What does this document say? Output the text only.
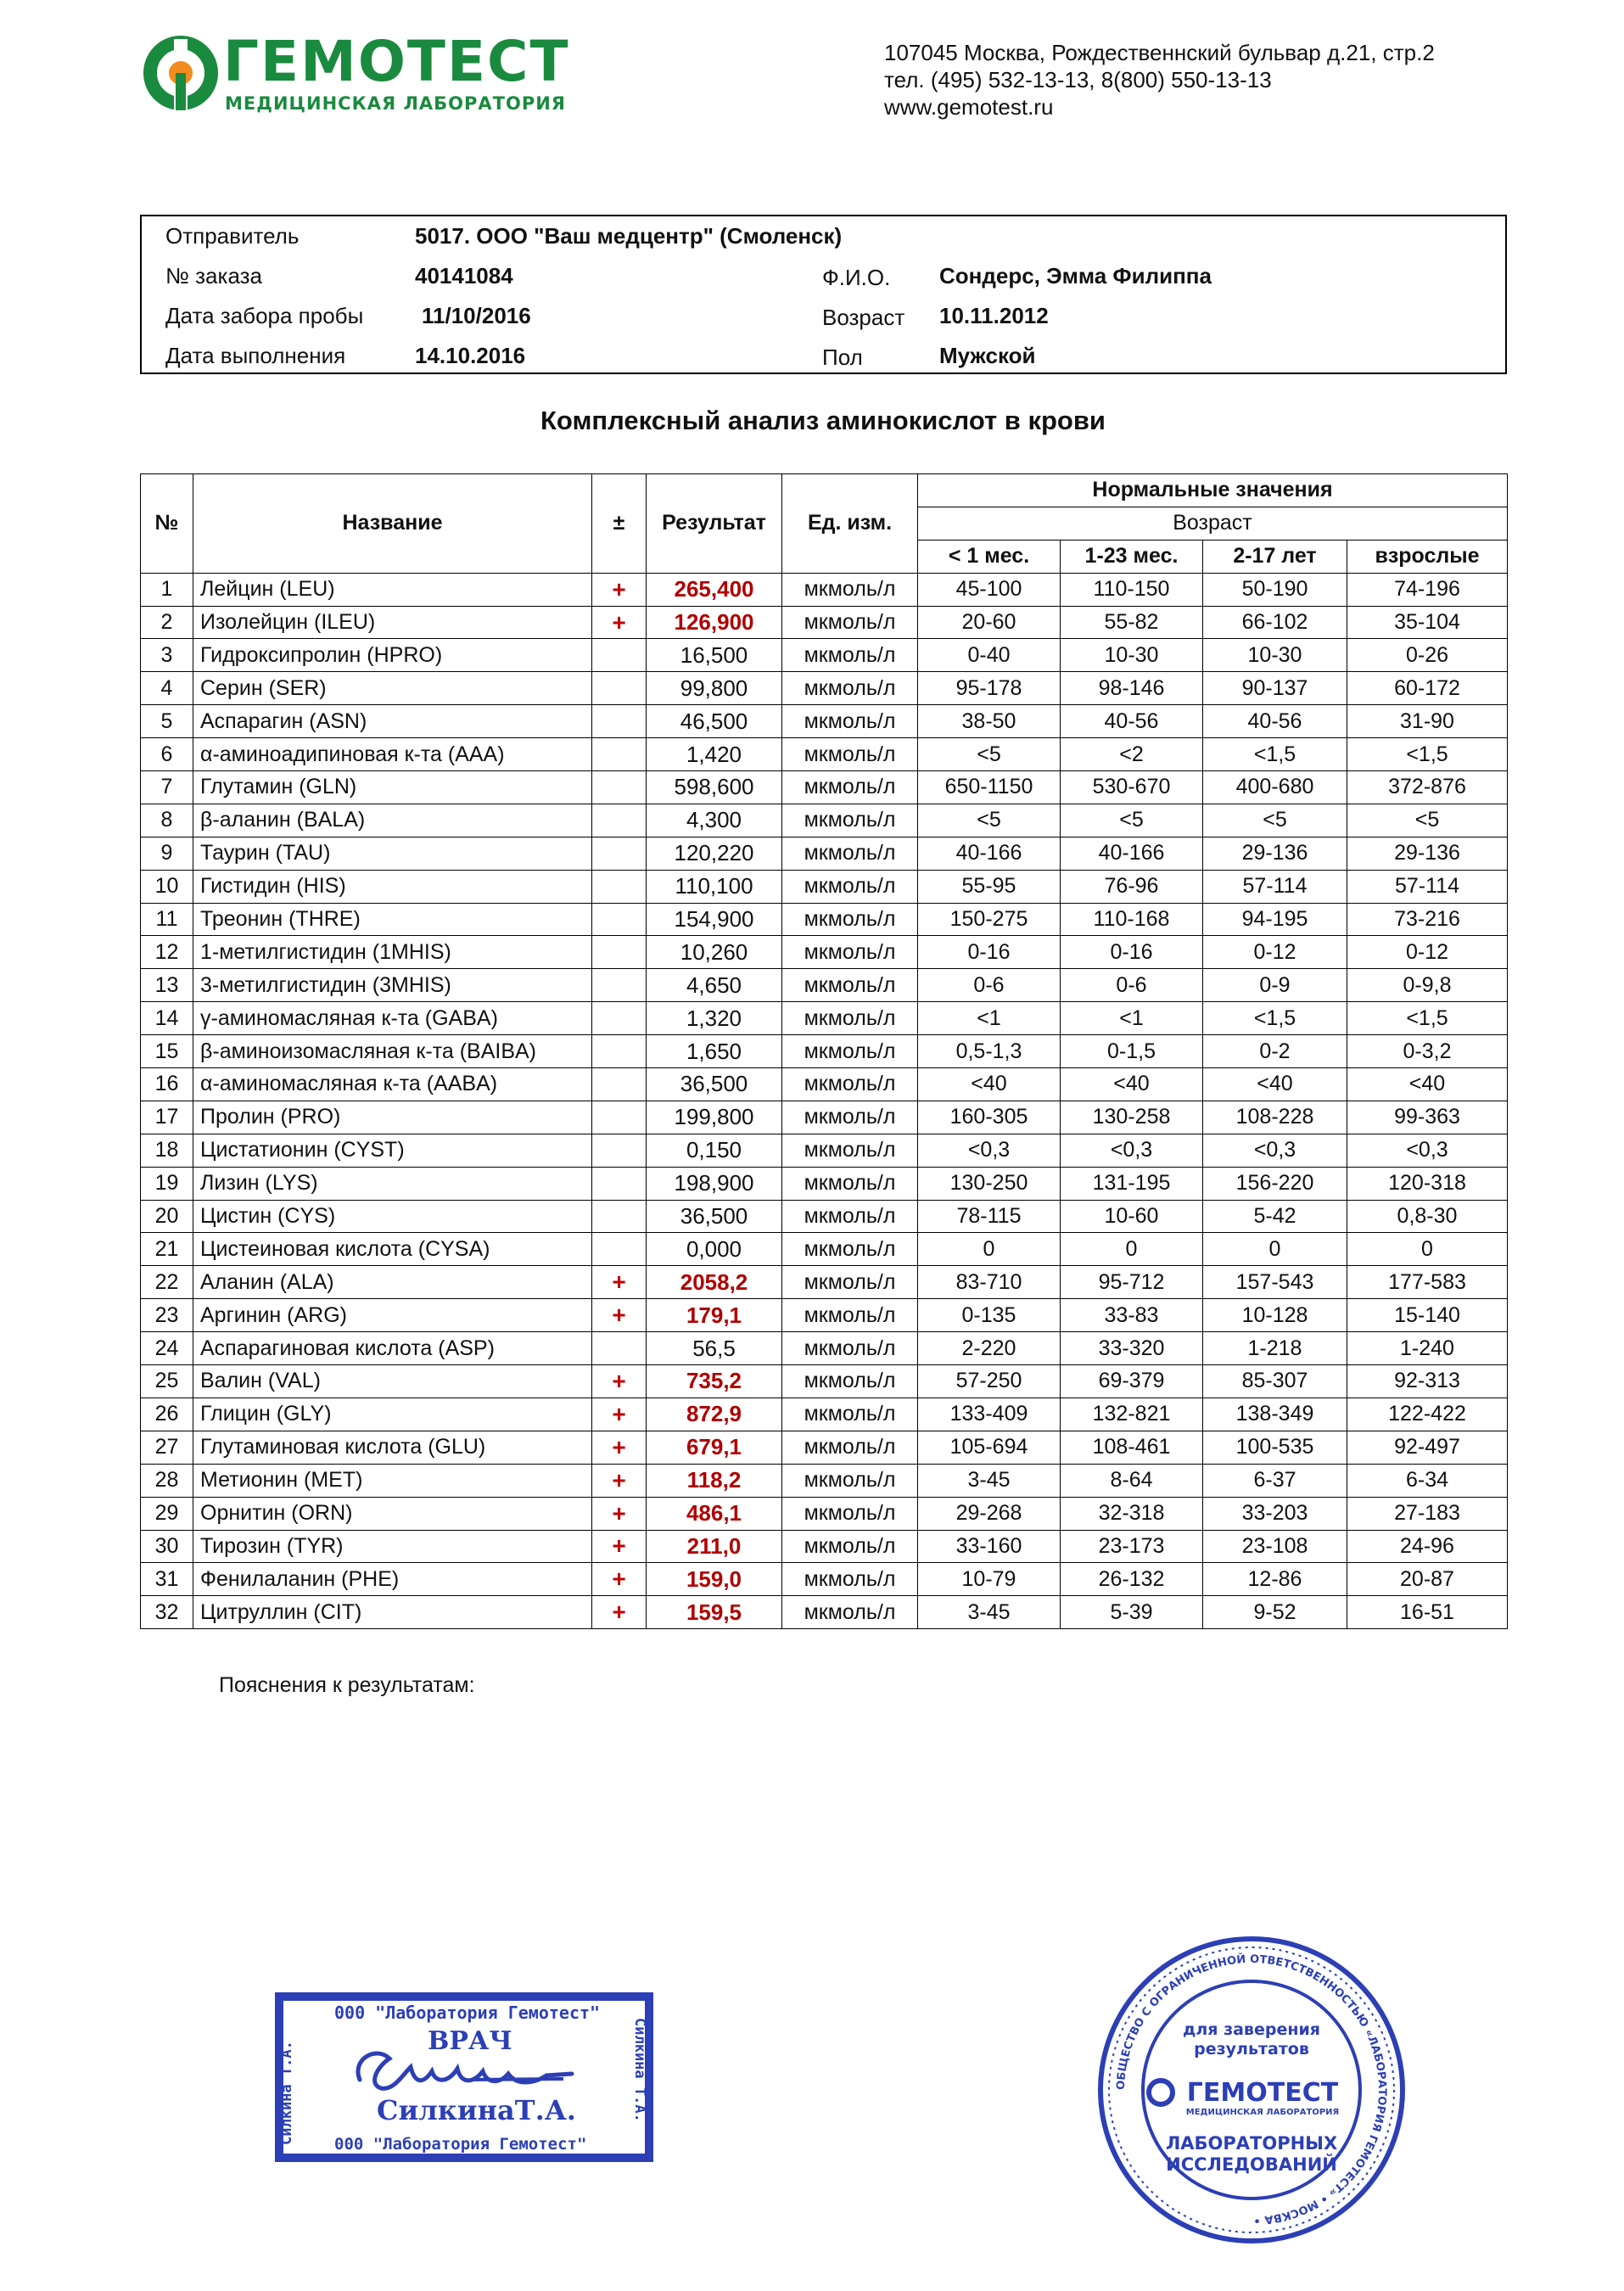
ГЕМОТЕСТ
МЕДИЦИНСКАЯ ЛАБОРАТОРИЯ
107045 Москва, Рождественнский бульвар д.21, стр.2
тел. (495) 532-13-13, 8(800) 550-13-13
www.gemotest.ru
Отправитель	5017. ООО "Ваш медцентр" (Смоленск)
№ заказа	40141084
Дата забора пробы	11/10/2016
Дата выполнения	14.10.2016
Ф.И.О. Сондерс, Эмма Филиппа
Возраст 10.11.2012
Пол	Мужской
Комплексный анализ аминокислот в крови
№	Название	±	Результат	Ед. изм.	Нормальные значения			
					Возраст			
					< 1 мес.	1-23 мес.	2-17 лет	взрослые
1	Лейцин (LEU)	+	265,400	мкмоль/л	45-100	110-150	50-190	74-196
2	Изолейцин (ILEU)	+	126,900	мкмоль/л	20-60	55-82	66-102	35-104
3	Гидроксипролин (HPRO)		16,500	мкмоль/л	0-40	10-30	10-30	0-26
4	Серин (SER)		99,800	мкмоль/л	95-178	98-146	90-137	60-172
5	Аспарагин (ASN)		46,500	мкмоль/л	38-50	40-56	40-56	31-90
6	α-аминоадипиновая к-та (AAA)		1,420	мкмоль/л	<5	<2	<1,5	<1,5
7	Глутамин (GLN)		598,600	мкмоль/л	650-1150	530-670	400-680	372-876
8	β-аланин (BALA)		4,300	мкмоль/л	<5	<5	<5	<5
9	Таурин (TAU)		120,220	мкмоль/л	40-166	40-166	29-136	29-136
10	Гистидин (HIS)		110,100	мкмоль/л	55-95	76-96	57-114	57-114
11	Треонин (THRE)		154,900	мкмоль/л	150-275	110-168	94-195	73-216
12	1-метилгистидин (1MHIS)		10,260	мкмоль/л	0-16	0-16	0-12	0-12
13	3-метилгистидин (3MHIS)		4,650	мкмоль/л	0-6	0-6	0-9	0-9,8
14	γ-аминомасляная к-та (GABA)		1,320	мкмоль/л	<1	<1	<1,5	<1,5
15	β-аминоизомасляная к-та (BAIBA)		1,650	мкмоль/л	0,5-1,3	0-1,5	0-2	0-3,2
16	α-аминомасляная к-та (AABA)		36,500	мкмоль/л	<40	<40	<40	<40
17	Пролин (PRO)		199,800	мкмоль/л	160-305	130-258	108-228	99-363
18	Цистатионин (CYST)		0,150	мкмоль/л	<0,3	<0,3	<0,3	<0,3
19	Лизин (LYS)		198,900	мкмоль/л	130-250	131-195	156-220	120-318
20	Цистин (CYS)		36,500	мкмоль/л	78-115	10-60	5-42	0,8-30
21	Цистеиновая кислота (CYSA)		0,000	мкмоль/л	0	0	0	0
22	Аланин (ALA)	+	2058,2	мкмоль/л	83-710	95-712	157-543	177-583
23	Аргинин (ARG)	+	179,1	мкмоль/л	0-135	33-83	10-128	15-140
24	Аспарагиновая кислота (ASP)		56,5	мкмоль/л	2-220	33-320	1-218	1-240
25	Валин (VAL)	+	735,2	мкмоль/л	57-250	69-379	85-307	92-313
26	Глицин (GLY)	+	872,9	мкмоль/л	133-409	132-821	138-349	122-422
27	Глутаминовая кислота (GLU)	+	679,1	мкмоль/л	105-694	108-461	100-535	92-497
28	Метионин (MET)	+	118,2	мкмоль/л	3-45	8-64	6-37	6-34
29	Орнитин (ORN)	+	486,1	мкмоль/л	29-268	32-318	33-203	27-183
30	Тирозин (TYR)	+	211,0	мкмоль/л	33-160	23-173	23-108	24-96
31	Фенилаланин (PHE)	+	159,0	мкмоль/л	10-79	26-132	12-86	20-87
32	Цитруллин (CIT)	+	159,5	мкмоль/л	3-45	5-39	9-52	16-51
Пояснения к результатам:
000 "Лаборатория Гемотест"
ВРАЧ
СилкинаТ.А.
000 "Лаборатория Гемотест"
Силкина Т.А.	Силкина Т.А.	ОБЩЕСТВО С ОГРАНИЧЕННОЙ ОТВЕТСТВЕННОСТЬЮ «ЛАБОРАТОРИЯ ГЕМОТЕСТ» • МОСКВА •
для заверения
результатов
ГЕМОТЕСТ
МЕДИЦИНСКАЯ ЛАБОРАТОРИЯ
ЛАБОРАТОРНЫХ
ИССЛЕДОВАНИЙ
